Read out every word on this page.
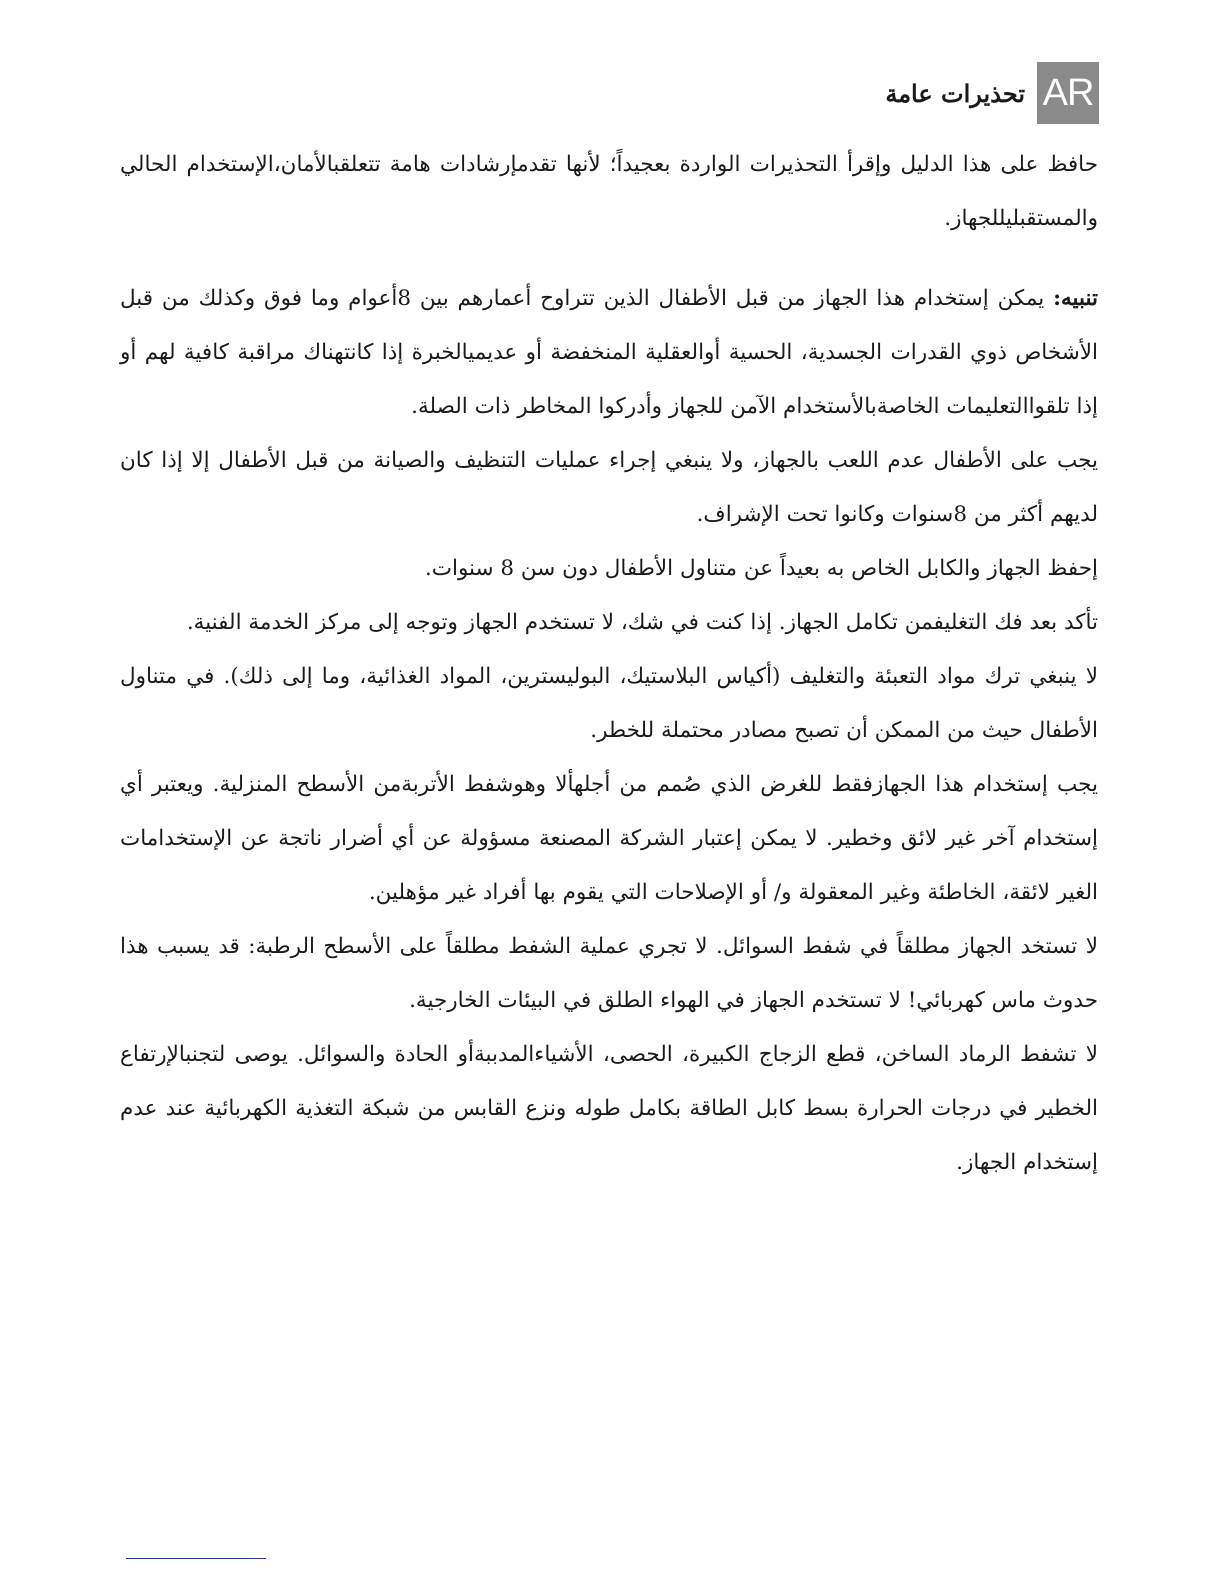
AR
تحذيرات عامة

حافظ على هذا الدليل وإقرأ التحذيرات الواردة بعجيداً؛ لأنها تقدمإرشادات هامة تتعلقبالأمان،الإستخدام الحالي والمستقبليللجهاز.

تنبيه: يمكن إستخدام هذا الجهاز من قبل الأطفال الذين تتراوح أعمارهم بين 8أعوام وما فوق وكذلك من قبل الأشخاص ذوي القدرات الجسدية، الحسية أوالعقلية المنخفضة أو عديميالخبرة إذا كانتهناك مراقبة كافية لهم أو إذا تلقواالتعليمات الخاصةبالأستخدام الآمن للجهاز وأدركوا المخاطر ذات الصلة.

يجب على الأطفال عدم اللعب بالجهاز، ولا ينبغي إجراء عمليات التنظيف والصيانة من قبل الأطفال إلا إذا كان لديهم أكثر من 8سنوات وكانوا تحت الإشراف.

إحفظ الجهاز والكابل الخاص به بعيداً عن متناول الأطفال دون سن 8 سنوات.

تأكد بعد فك التغليفمن تكامل الجهاز. إذا كنت في شك، لا تستخدم الجهاز وتوجه إلى مركز الخدمة الفنية.

لا ينبغي ترك مواد التعبئة والتغليف (أكياس البلاستيك، البوليسترين، المواد الغذائية، وما إلى ذلك). في متناول الأطفال حيث من الممكن أن تصبح مصادر محتملة للخطر.

يجب إستخدام هذا الجهازفقط للغرض الذي صُمم من أجلهألا وهوشفط الأتربةمن الأسطح المنزلية. ويعتبر أي إستخدام آخر غير لائق وخطير. لا يمكن إعتبار الشركة المصنعة مسؤولة عن أي أضرار ناتجة عن الإستخدامات الغير لائقة، الخاطئة وغير المعقولة و/ أو الإصلاحات التي يقوم بها أفراد غير مؤهلين.

لا تستخد الجهاز مطلقاً في شفط السوائل. لا تجري عملية الشفط مطلقاً على الأسطح الرطبة: قد يسبب هذا حدوث ماس كهربائي! لا تستخدم الجهاز في الهواء الطلق في البيئات الخارجية.

لا تشفط الرماد الساخن، قطع الزجاج الكبيرة، الحصى، الأشياءالمدببةأو الحادة والسوائل. يوصى لتجنبالإرتفاع الخطير في درجات الحرارة بسط كابل الطاقة بكامل طوله ونزع القابس من شبكة التغذية الكهربائية عند عدم إستخدام الجهاز.
